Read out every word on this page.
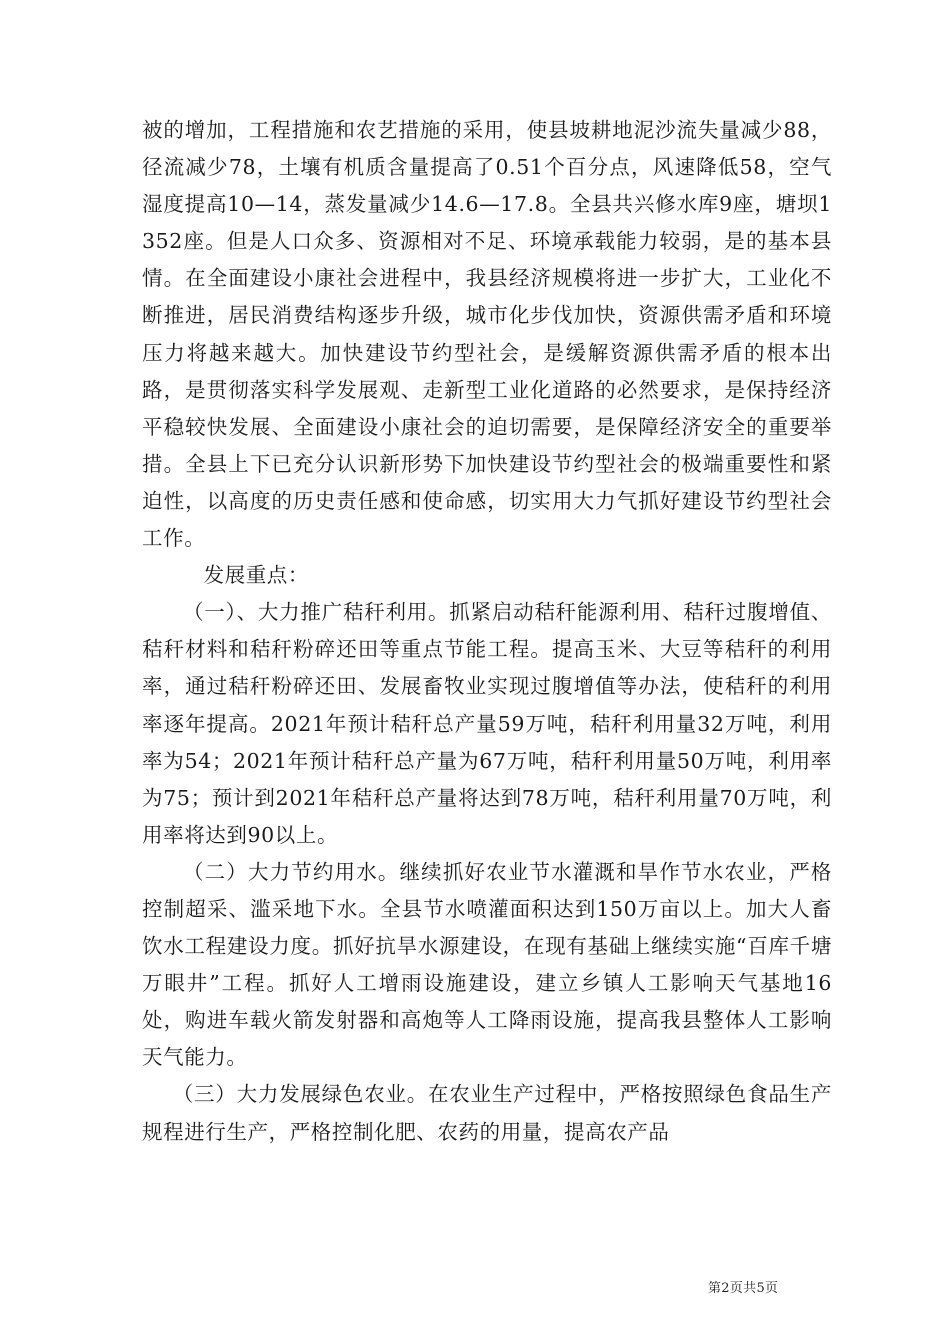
被的增加，工程措施和农艺措施的采用，使县坡耕地泥沙流失量减少88，径流减少78，土壤有机质含量提高了0.51个百分点，风速降低58，空气湿度提高10—14，蒸发量减少14.6—17.8。全县共兴修水库9座，塘坝1352座。但是人口众多、资源相对不足、环境承载能力较弱，是的基本县情。在全面建设小康社会进程中，我县经济规模将进一步扩大，工业化不断推进，居民消费结构逐步升级，城市化步伐加快，资源供需矛盾和环境压力将越来越大。加快建设节约型社会，是缓解资源供需矛盾的根本出路，是贯彻落实科学发展观、走新型工业化道路的必然要求，是保持经济平稳较快发展、全面建设小康社会的迫切需要，是保障经济安全的重要举措。全县上下已充分认识新形势下加快建设节约型社会的极端重要性和紧迫性，以高度的历史责任感和使命感，切实用大力气抓好建设节约型社会工作。

发展重点：

（一）、大力推广秸秆利用。抓紧启动秸秆能源利用、秸秆过腹增值、秸秆材料和秸秆粉碎还田等重点节能工程。提高玉米、大豆等秸秆的利用率，通过秸秆粉碎还田、发展畜牧业实现过腹增值等办法，使秸秆的利用率逐年提高。2021年预计秸秆总产量59万吨，秸秆利用量32万吨，利用率为54；2021年预计秸秆总产量为67万吨，秸秆利用量50万吨，利用率为75；预计到2021年秸秆总产量将达到78万吨，秸秆利用量70万吨，利用率将达到90以上。

（二）大力节约用水。继续抓好农业节水灌溉和旱作节水农业，严格控制超采、滥采地下水。全县节水喷灌面积达到150万亩以上。加大人畜饮水工程建设力度。抓好抗旱水源建设，在现有基础上继续实施“百库千塘万眼井”工程。抓好人工增雨设施建设，建立乡镇人工影响天气基地16处，购进车载火箭发射器和高炮等人工降雨设施，提高我县整体人工影响天气能力。

（三）大力发展绿色农业。在农业生产过程中，严格按照绿色食品生产规程进行生产，严格控制化肥、农药的用量，提高农产品

第2页共5页
